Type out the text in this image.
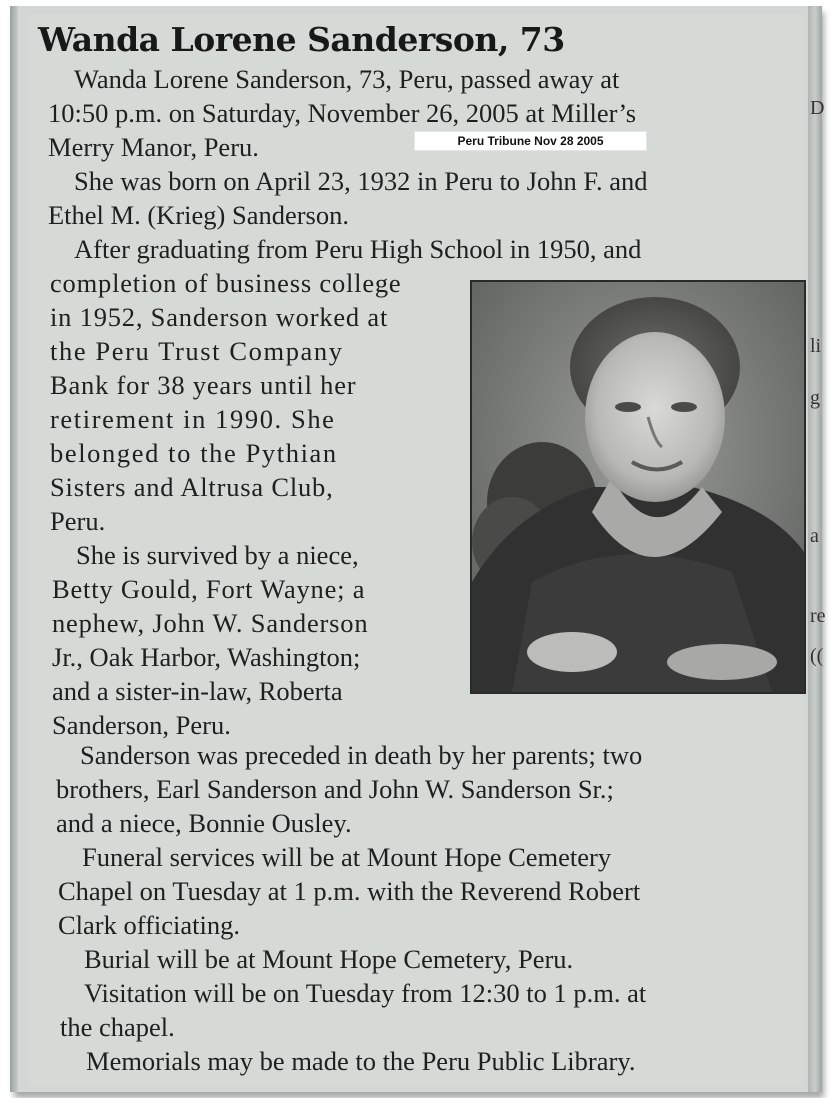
D
li
g
a
re
((
Wanda Lorene Sanderson, 73

Wanda Lorene Sanderson, 73, Peru, passed away at

10:50 p.m. on Saturday, November 26, 2005 at Miller’s

Merry Manor, Peru.	Peru Tribune Nov 28 2005

She was born on April 23, 1932 in Peru to John F. and

Ethel M. (Krieg) Sanderson.

After graduating from Peru High School in 1950, and

completion of business college

in 1952, Sanderson worked at

the Peru Trust Company

Bank for 38 years until her

retirement in 1990. She

belonged to the Pythian

Sisters and Altrusa Club,

Peru.

She is survived by a niece,

Betty Gould, Fort Wayne; a

nephew, John W. Sanderson

Jr., Oak Harbor, Washington;

and a sister-in-law, Roberta

Sanderson, Peru.

Sanderson was preceded in death by her parents; two

brothers, Earl Sanderson and John W. Sanderson Sr.;

and a niece, Bonnie Ousley.

Funeral services will be at Mount Hope Cemetery

Chapel on Tuesday at 1 p.m. with the Reverend Robert

Clark officiating.

Burial will be at Mount Hope Cemetery, Peru.

Visitation will be on Tuesday from 12:30 to 1 p.m. at

the chapel.

Memorials may be made to the Peru Public Library.
